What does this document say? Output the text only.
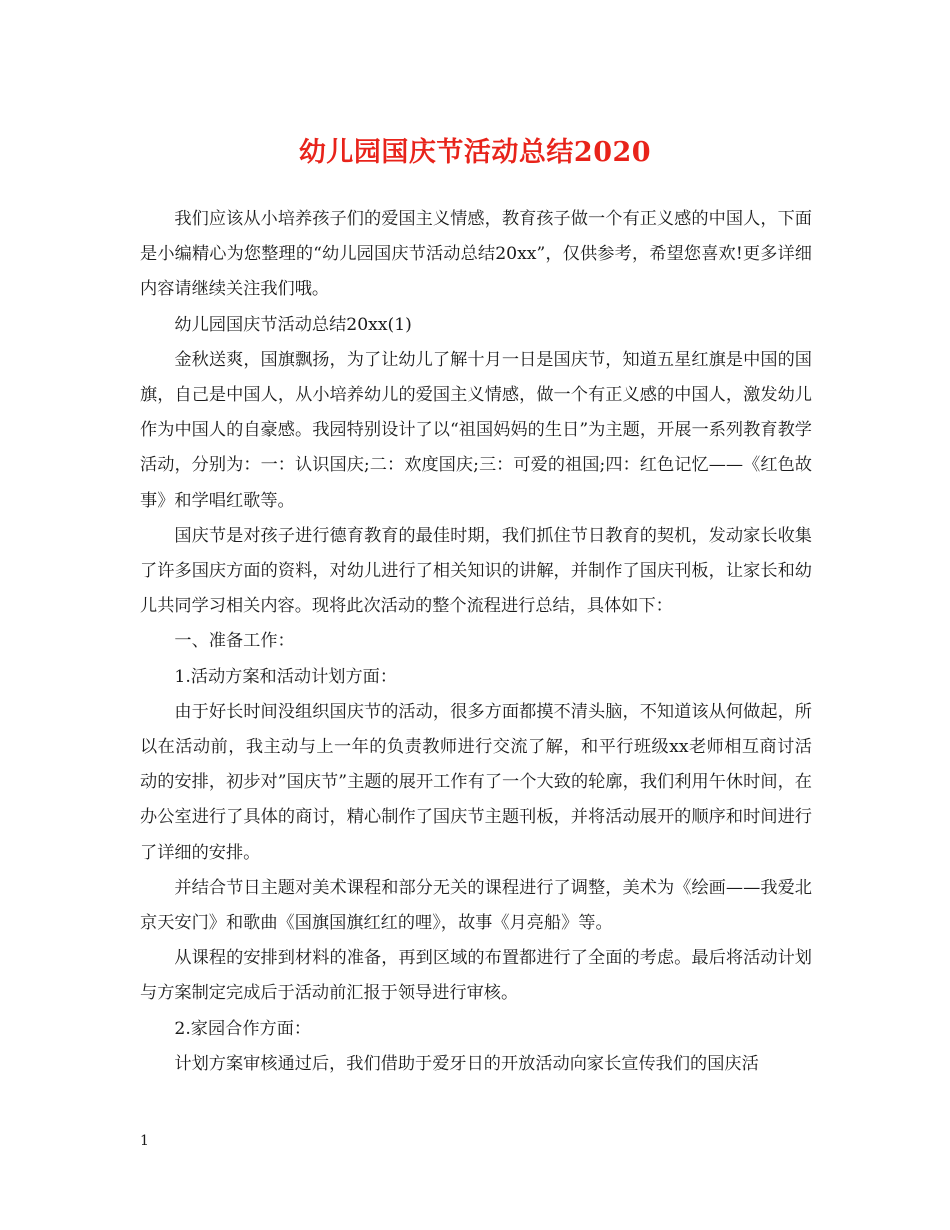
幼儿园国庆节活动总结2020

我们应该从小培养孩子们的爱国主义情感，教育孩子做一个有正义感的中国人，下面是小编精心为您整理的“幼儿园国庆节活动总结20xx”，仅供参考，希望您喜欢!更多详细内容请继续关注我们哦。

幼儿园国庆节活动总结20xx(1)

金秋送爽，国旗飘扬，为了让幼儿了解十月一日是国庆节，知道五星红旗是中国的国旗，自己是中国人，从小培养幼儿的爱国主义情感，做一个有正义感的中国人，激发幼儿作为中国人的自豪感。我园特别设计了以“祖国妈妈的生日”为主题，开展一系列教育教学活动，分别为：一：认识国庆;二：欢度国庆;三：可爱的祖国;四：红色记忆——《红色故事》和学唱红歌等。

国庆节是对孩子进行德育教育的最佳时期，我们抓住节日教育的契机，发动家长收集了许多国庆方面的资料，对幼儿进行了相关知识的讲解，并制作了国庆刊板，让家长和幼儿共同学习相关内容。现将此次活动的整个流程进行总结，具体如下：

一、准备工作：

1.活动方案和活动计划方面：

由于好长时间没组织国庆节的活动，很多方面都摸不清头脑，不知道该从何做起，所以在活动前，我主动与上一年的负责教师进行交流了解，和平行班级xx老师相互商讨活动的安排，初步对”国庆节”主题的展开工作有了一个大致的轮廓，我们利用午休时间，在办公室进行了具体的商讨，精心制作了国庆节主题刊板，并将活动展开的顺序和时间进行了详细的安排。

并结合节日主题对美术课程和部分无关的课程进行了调整，美术为《绘画——我爱北京天安门》和歌曲《国旗国旗红红的哩》，故事《月亮船》等。

从课程的安排到材料的准备，再到区域的布置都进行了全面的考虑。最后将活动计划与方案制定完成后于活动前汇报于领导进行审核。

2.家园合作方面：

计划方案审核通过后，我们借助于爱牙日的开放活动向家长宣传我们的国庆活

1
